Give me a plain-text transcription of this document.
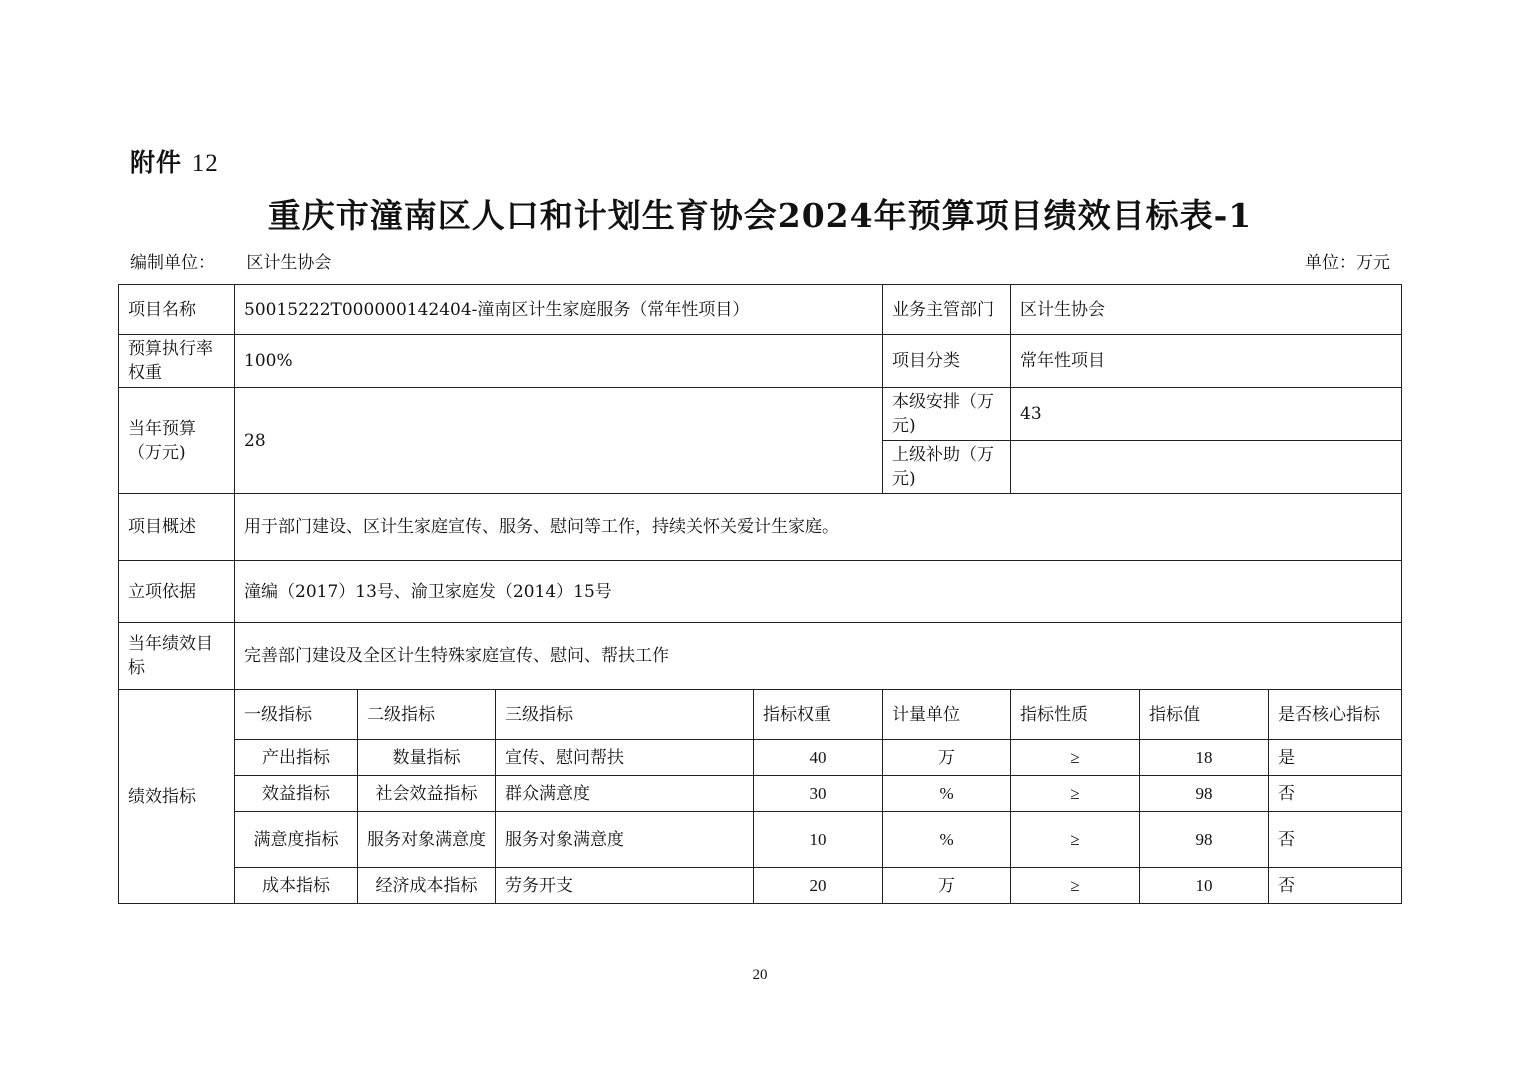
附件 12
重庆市潼南区人口和计划生育协会2024年预算项目绩效目标表-1
编制单位： 区计生协会	单位：万元
项目名称	50015222T000000142404-潼南区计生家庭服务（常年性项目）				业务主管部门	区计生协会		
预算执行率权重	100%				项目分类	常年性项目		
当年预算（万元)	28				本级安排（万元)	43		
					上级补助（万元)			
项目概述	用于部门建设、区计生家庭宣传、服务、慰问等工作，持续关怀关爱计生家庭。							
立项依据	潼编（2017）13号、渝卫家庭发（2014）15号							
当年绩效目标	完善部门建设及全区计生特殊家庭宣传、慰问、帮扶工作							
绩效指标	一级指标	二级指标	三级指标	指标权重	计量单位	指标性质	指标值	是否核心指标
	产出指标	数量指标	宣传、慰问帮扶	40	万	≥	18	是
	效益指标	社会效益指标	群众满意度	30	%	≥	98	否
	满意度指标	服务对象满意度	服务对象满意度	10	%	≥	98	否
	成本指标	经济成本指标	劳务开支	20	万	≥	10	否
20
